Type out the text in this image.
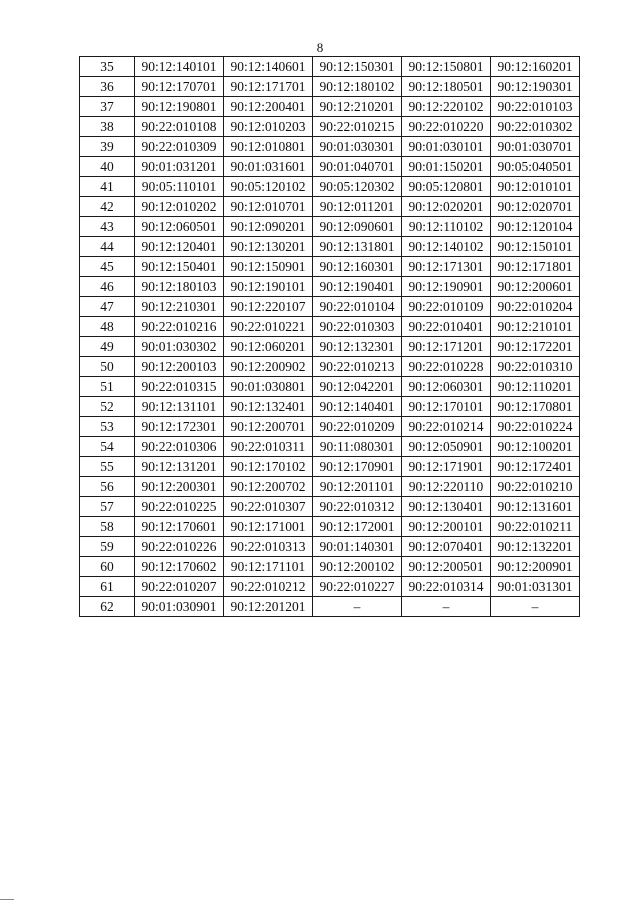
8
35	90:12:140101	90:12:140601	90:12:150301	90:12:150801	90:12:160201
36	90:12:170701	90:12:171701	90:12:180102	90:12:180501	90:12:190301
37	90:12:190801	90:12:200401	90:12:210201	90:12:220102	90:22:010103
38	90:22:010108	90:12:010203	90:22:010215	90:22:010220	90:22:010302
39	90:22:010309	90:12:010801	90:01:030301	90:01:030101	90:01:030701
40	90:01:031201	90:01:031601	90:01:040701	90:01:150201	90:05:040501
41	90:05:110101	90:05:120102	90:05:120302	90:05:120801	90:12:010101
42	90:12:010202	90:12:010701	90:12:011201	90:12:020201	90:12:020701
43	90:12:060501	90:12:090201	90:12:090601	90:12:110102	90:12:120104
44	90:12:120401	90:12:130201	90:12:131801	90:12:140102	90:12:150101
45	90:12:150401	90:12:150901	90:12:160301	90:12:171301	90:12:171801
46	90:12:180103	90:12:190101	90:12:190401	90:12:190901	90:12:200601
47	90:12:210301	90:12:220107	90:22:010104	90:22:010109	90:22:010204
48	90:22:010216	90:22:010221	90:22:010303	90:22:010401	90:12:210101
49	90:01:030302	90:12:060201	90:12:132301	90:12:171201	90:12:172201
50	90:12:200103	90:12:200902	90:22:010213	90:22:010228	90:22:010310
51	90:22:010315	90:01:030801	90:12:042201	90:12:060301	90:12:110201
52	90:12:131101	90:12:132401	90:12:140401	90:12:170101	90:12:170801
53	90:12:172301	90:12:200701	90:22:010209	90:22:010214	90:22:010224
54	90:22:010306	90:22:010311	90:11:080301	90:12:050901	90:12:100201
55	90:12:131201	90:12:170102	90:12:170901	90:12:171901	90:12:172401
56	90:12:200301	90:12:200702	90:12:201101	90:12:220110	90:22:010210
57	90:22:010225	90:22:010307	90:22:010312	90:12:130401	90:12:131601
58	90:12:170601	90:12:171001	90:12:172001	90:12:200101	90:22:010211
59	90:22:010226	90:22:010313	90:01:140301	90:12:070401	90:12:132201
60	90:12:170602	90:12:171101	90:12:200102	90:12:200501	90:12:200901
61	90:22:010207	90:22:010212	90:22:010227	90:22:010314	90:01:031301
62	90:01:030901	90:12:201201	–	–	–
